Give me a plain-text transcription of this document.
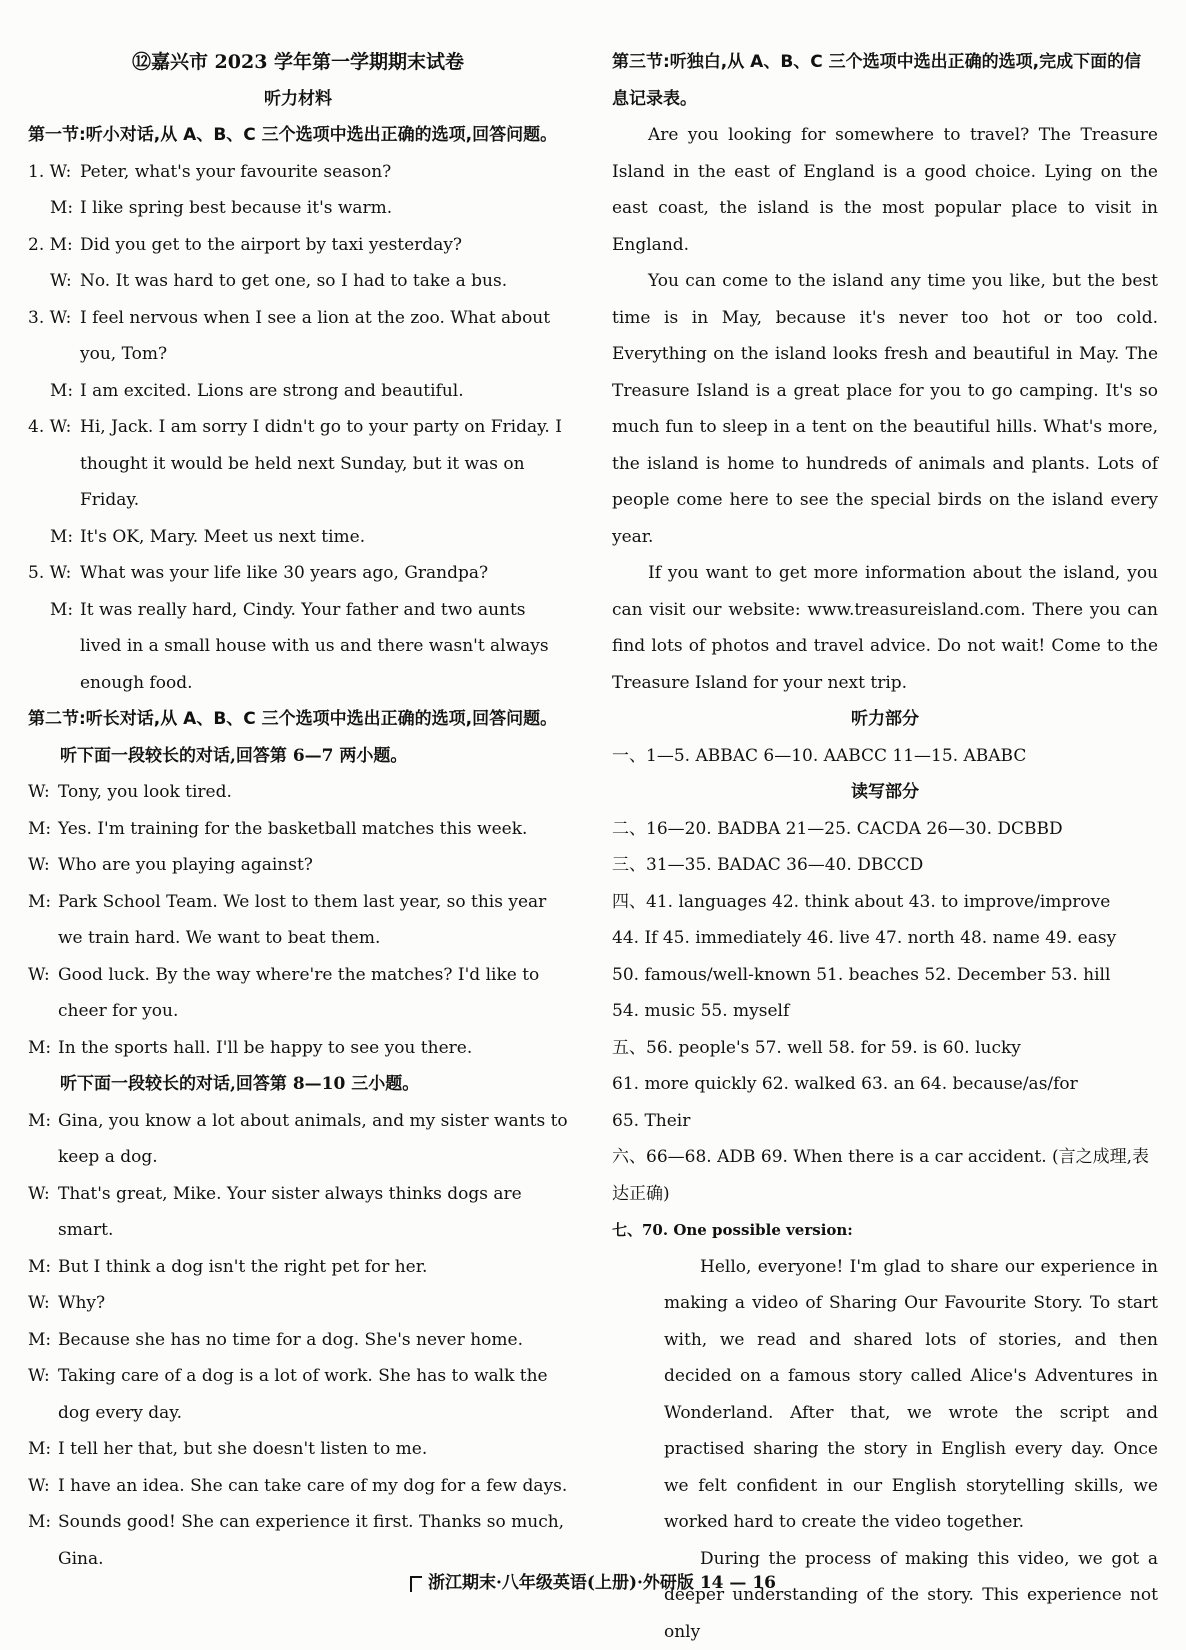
⑫嘉兴市 2023 学年第一学期期末试卷
听力材料
第一节:听小对话,从 A、B、C 三个选项中选出正确的选项,回答问题。
1. W: Peter, what's your favourite season?
M: I like spring best because it's warm.
2. M: Did you get to the airport by taxi yesterday?
W: No. It was hard to get one, so I had to take a bus.
3. W: I feel nervous when I see a lion at the zoo. What about you, Tom?
M: I am excited. Lions are strong and beautiful.
4. W: Hi, Jack. I am sorry I didn't go to your party on Friday. I thought it would be held next Sunday, but it was on Friday.
M: It's OK, Mary. Meet us next time.
5. W: What was your life like 30 years ago, Grandpa?
M: It was really hard, Cindy. Your father and two aunts lived in a small house with us and there wasn't always enough food.
第二节:听长对话,从 A、B、C 三个选项中选出正确的选项,回答问题。
听下面一段较长的对话,回答第 6—7 两小题。
W: Tony, you look tired.
M: Yes. I'm training for the basketball matches this week.
W: Who are you playing against?
M: Park School Team. We lost to them last year, so this year we train hard. We want to beat them.
W: Good luck. By the way where're the matches? I'd like to cheer for you.
M: In the sports hall. I'll be happy to see you there.
听下面一段较长的对话,回答第 8—10 三小题。
M: Gina, you know a lot about animals, and my sister wants to keep a dog.
W: That's great, Mike. Your sister always thinks dogs are smart.
M: But I think a dog isn't the right pet for her.
W: Why?
M: Because she has no time for a dog. She's never home.
W: Taking care of a dog is a lot of work. She has to walk the dog every day.
M: I tell her that, but she doesn't listen to me.
W: I have an idea. She can take care of my dog for a few days.
M: Sounds good! She can experience it first. Thanks so much, Gina.
第三节:听独白,从 A、B、C 三个选项中选出正确的选项,完成下面的信息记录表。
Are you looking for somewhere to travel? The Treasure Island in the east of England is a good choice. Lying on the east coast, the island is the most popular place to visit in England.
You can come to the island any time you like, but the best time is in May, because it's never too hot or too cold. Everything on the island looks fresh and beautiful in May. The Treasure Island is a great place for you to go camping. It's so much fun to sleep in a tent on the beautiful hills. What's more, the island is home to hundreds of animals and plants. Lots of people come here to see the special birds on the island every year.
If you want to get more information about the island, you can visit our website: www.treasureisland.com. There you can find lots of photos and travel advice. Do not wait! Come to the Treasure Island for your next trip.
听力部分
一、1—5. ABBAC 6—10. AABCC 11—15. ABABC
读写部分
二、16—20. BADBA 21—25. CACDA 26—30. DCBBD
三、31—35. BADAC 36—40. DBCCD
四、41. languages 42. think about 43. to improve/improve
44. If 45. immediately 46. live 47. north 48. name 49. easy
50. famous/well-known 51. beaches 52. December 53. hill
54. music 55. myself
五、56. people's 57. well 58. for 59. is 60. lucky
61. more quickly 62. walked 63. an 64. because/as/for
65. Their
六、66—68. ADB 69. When there is a car accident. (言之成理,表达正确)
七、70. One possible version:
Hello, everyone! I'm glad to share our experience in making a video of Sharing Our Favourite Story. To start with, we read and shared lots of stories, and then decided on a famous story called Alice's Adventures in Wonderland. After that, we wrote the script and practised sharing the story in English every day. Once we felt confident in our English storytelling skills, we worked hard to create the video together.
During the process of making this video, we got a deeper understanding of the story. This experience not only
浙江期末·八年级英语(上册)·外研版 14 — 16
